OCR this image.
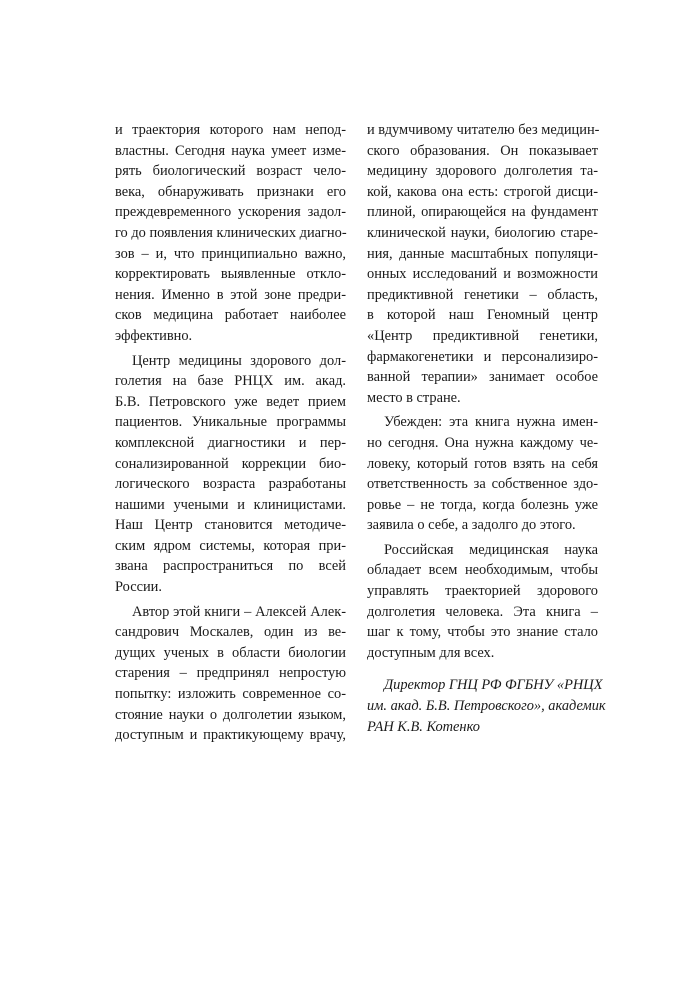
и траектория которого нам непод-
властны. Сегодня наука умеет изме-
рять биологический возраст чело-
века, обнаруживать признаки его
преждевременного ускорения задол-
го до появления клинических диагно-
зов – и, что принципиально важно,
корректировать выявленные откло-
нения. Именно в этой зоне предри-
сков медицина работает наиболее
эффективно.
Центр медицины здорового дол-
голетия на базе РНЦХ им. акад.
Б.В. Петровского уже ведет прием
пациентов. Уникальные программы
комплексной диагностики и пер-
сонализированной коррекции био-
логического возраста разработаны
нашими учеными и клиницистами.
Наш Центр становится методиче-
ским ядром системы, которая при-
звана распространиться по всей
России.
Автор этой книги – Алексей Алек-
сандрович Москалев, один из ве-
дущих ученых в области биологии
старения – предпринял непростую
попытку: изложить современное со-
стояние науки о долголетии языком,
доступным и практикующему врачу,
и вдумчивому читателю без медицин-
ского образования. Он показывает
медицину здорового долголетия та-
кой, какова она есть: строгой дисци-
плиной, опирающейся на фундамент
клинической науки, биологию старе-
ния, данные масштабных популяци-
онных исследований и возможности
предиктивной генетики – область,
в которой наш Геномный центр
«Центр предиктивной генетики,
фармакогенетики и персонализиро-
ванной терапии» занимает особое
место в стране.
Убежден: эта книга нужна имен-
но сегодня. Она нужна каждому че-
ловеку, который готов взять на себя
ответственность за собственное здо-
ровье – не тогда, когда болезнь уже
заявила о себе, а задолго до этого.
Российская медицинская наука
обладает всем необходимым, чтобы
управлять траекторией здорового
долголетия человека. Эта книга –
шаг к тому, чтобы это знание стало
доступным для всех.
Директор ГНЦ РФ ФГБНУ «РНЦХ
им. акад. Б.В. Петровского», академик
РАН К.В. Котенко
